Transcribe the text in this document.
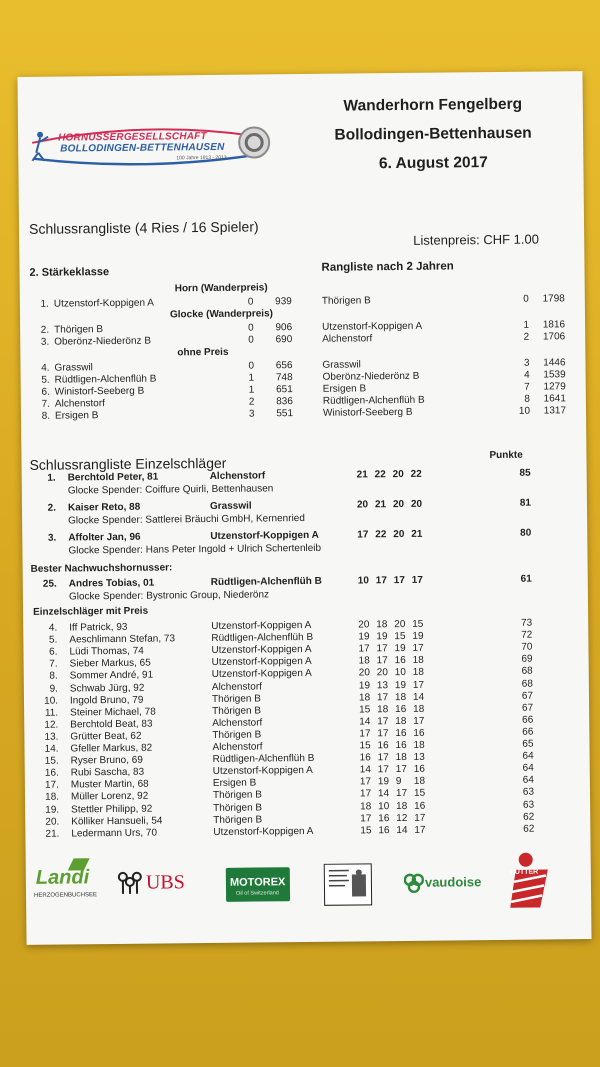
HORNUSSERGESELLSCHAFT
BOLLODINGEN-BETTENHAUSEN
100 Jahre 1913 - 2013
Wanderhorn Fengelberg
Bollodingen-Bettenhausen
6. August 2017
Schlussrangliste (4 Ries / 16 Spieler)
Listenpreis: CHF 1.00
2. Stärkeklasse	Rangliste nach 2 Jahren
Horn (Wanderpreis)
Glocke (Wanderpreis)
ohne Preis
1. Utzenstorf-Koppigen A	0 939
2. Thörigen B	0 906
3. Oberönz-Niederönz B	0 690
4. Grasswil	0 656
5. Rüdtligen-Alchenflüh B	1 748
6. Winistorf-Seeberg B	1 651
7. Alchenstorf	2 836
8. Ersigen B	3 551
Thörigen B	0 1798
Utzenstorf-Koppigen A	1 1816
Alchenstorf	2 1706
Grasswil	3 1446
Oberönz-Niederönz B	4 1539
Ersigen B	7 1279
Rüdtligen-Alchenflüh B	8 1641
Winistorf-Seeberg B	10 1317
Schlussrangliste Einzelschläger	Punkte
1. Berchtold Peter, 81	Alchenstorf	21 22 20 22	85
Glocke Spender: Coiffure Quirli, Bettenhausen
2. Kaiser Reto, 88	Grasswil	20 21 20 20	81
Glocke Spender: Sattlerei Bräuchi GmbH, Kernenried
3. Affolter Jan, 96	Utzenstorf-Koppigen A	17 22 20 21	80
Glocke Spender: Hans Peter Ingold + Ulrich Schertenleib
Bester Nachwuchshornusser:
25. Andres Tobias, 01	Rüdtligen-Alchenflüh B	10 17 17 17	61
Glocke Spender: Bystronic Group, Niederönz
Einzelschläger mit Preis
4. Iff Patrick, 93	Utzenstorf-Koppigen A	20 18 20 15	73
5. Aeschlimann Stefan, 73	Rüdtligen-Alchenflüh B	19 19 15 19	72
6. Lüdi Thomas, 74	Utzenstorf-Koppigen A	17 17 19 17	70
7. Sieber Markus, 65	Utzenstorf-Koppigen A	18 17 16 18	69
8. Sommer André, 91	Utzenstorf-Koppigen A	20 20 10 18	68
9. Schwab Jürg, 92	Alchenstorf	19 13 19 17	68
10. Ingold Bruno, 79	Thörigen B	18 17 18 14	67
11. Steiner Michael, 78	Thörigen B	15 18 16 18	67
12. Berchtold Beat, 83	Alchenstorf	14 17 18 17	66
13. Grütter Beat, 62	Thörigen B	17 17 16 16	66
14. Gfeller Markus, 82	Alchenstorf	15 16 16 18	65
15. Ryser Bruno, 69	Rüdtligen-Alchenflüh B	16 17 18 13	64
16. Rubi Sascha, 83	Utzenstorf-Koppigen A	14 17 17 16	64
17. Muster Martin, 68	Ersigen B	17 19 9 18	64
18. Müller Lorenz, 92	Thörigen B	17 14 17 15	63
19. Stettler Philipp, 92	Thörigen B	18 10 18 16	63
20. Kölliker Hansueli, 54	Thörigen B	17 16 12 17	62
21. Ledermann Urs, 70	Utzenstorf-Koppigen A	15 16 14 17	62
Landi
HERZOGENBUCHSEE
UBS	MOTOREX
Oil of Switzerland
vaudoise
HUTTER
